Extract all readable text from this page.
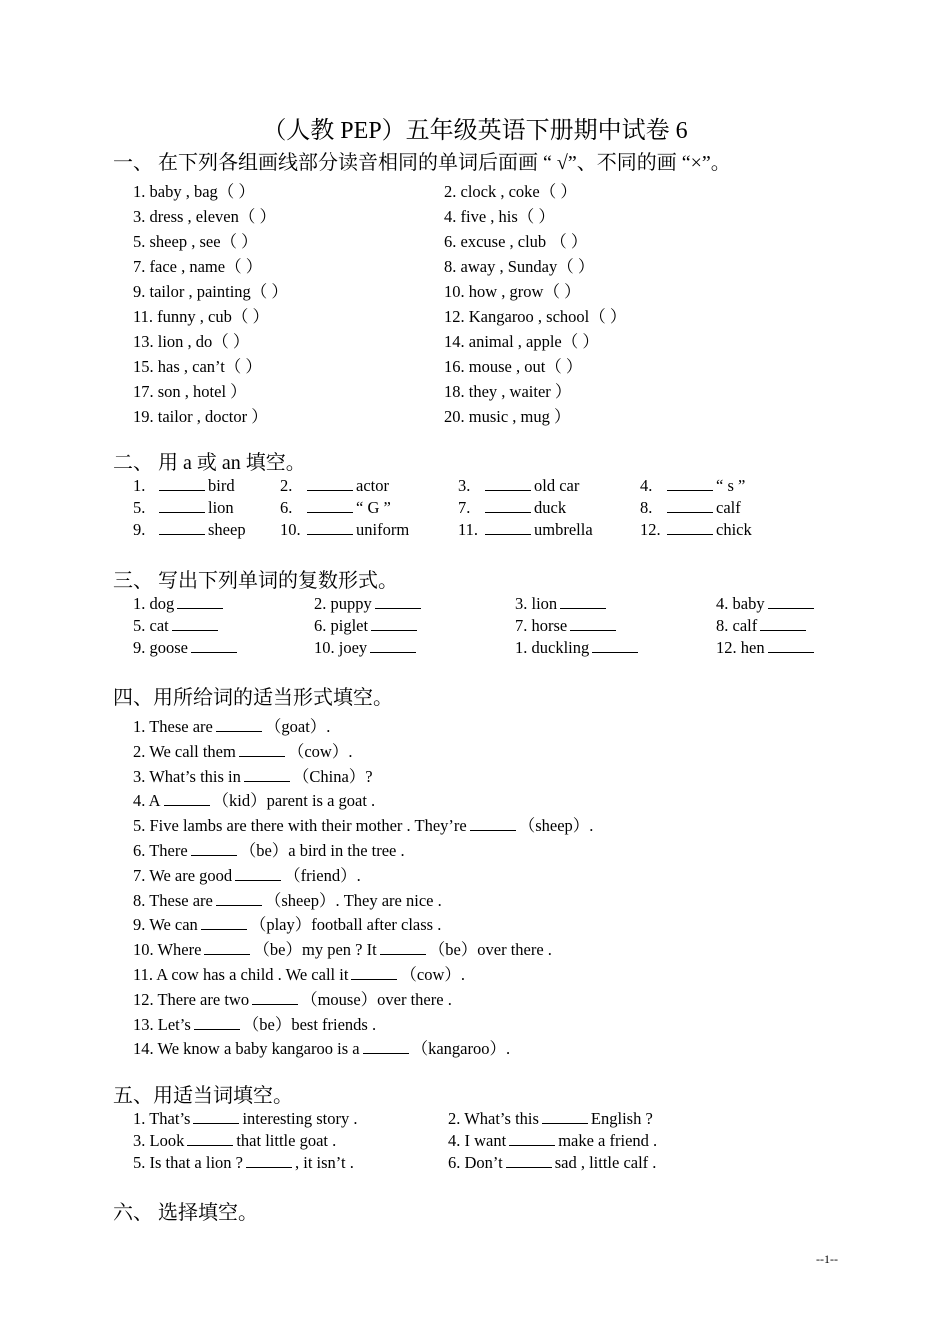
（人教 PEP）五年级英语下册期中试卷 6
一、 在下列各组画线部分读音相同的单词后面画 “ √”、不同的画 “×”。
1. baby , bag（ ）	2. clock , coke（ ）
3. dress , eleven（ ）	4. five , his（ ）
5. sheep , see（ ）	6. excuse , club （ ）
7. face , name（ ）	8. away , Sunday（ ）
9. tailor , painting（ ）	10. how , grow（ ）
11. funny , cub（ ）	12. Kangaroo , school（ ）
13. lion , do（ ）	14. animal , apple（ ）
15. has , can’t（ ）	16. mouse , out（ ）
17. son , hotel ）	18. they , waiter ）
19. tailor , doctor ）	20. music , mug ）
二、 用 a 或 an 填空。
1.	bird	2.	actor	3.	old car	4.	“ s ”
5.	lion	6.	“ G ”	7.	duck	8.	calf
9.	sheep 10.	uniform	11.	umbrella	12.	chick
三、 写出下列单词的复数形式。
1. dog	2. puppy	3. lion	4. baby
5. cat	6. piglet	7. horse	8. calf
9. goose	10. joey	1. duckling	12. hen
四、用所给词的适当形式填空。
1. These are	（goat）.
2. We call them	（cow）.
3. What’s this in	（China）?
4. A	（kid）parent is a goat .
5. Five lambs are there with their mother . They’re	（sheep）.
6. There	（be）a bird in the tree .
7. We are good	（friend）.
8. These are	（sheep）. They are nice .
9. We can	（play）football after class .
10. Where	（be）my pen ? It	（be）over there .
11. A cow has a child . We call it	（cow）.
12. There are two	（mouse）over there .
13. Let’s	（be）best friends .
14. We know a baby kangaroo is a	（kangaroo）.
五、用适当词填空。
1. That’s	interesting story .	2. What’s this	English ?
3. Look	that little goat .	4. I want	make a friend .
5. Is that a lion ?	, it isn’t .	6. Don’t	sad , little calf .
六、 选择填空。
--1--
